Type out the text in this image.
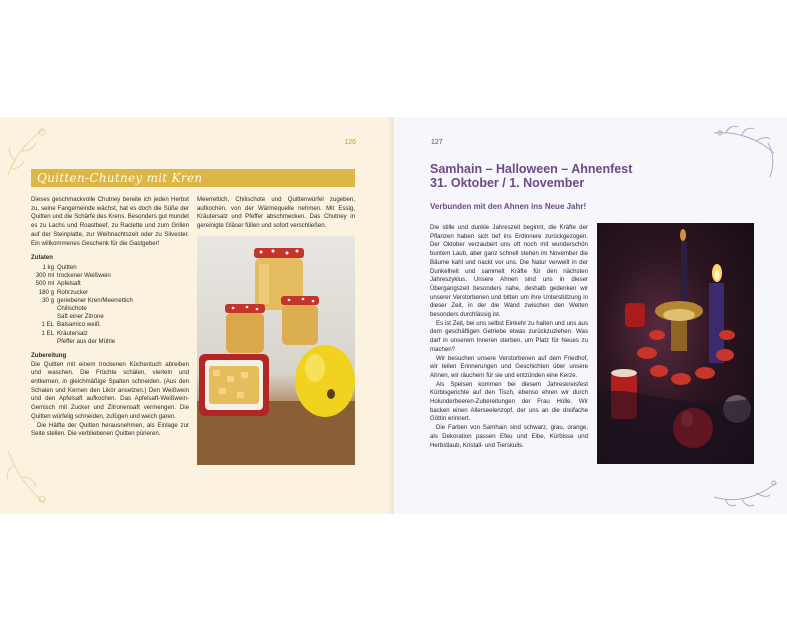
126
Quitten-Chutney mit Kren

Dieses geschmackvolle Chutney bereite ich jeden Herbst zu, seine Fangemeinde wächst, hat es doch die Süße der Quitten und die Schärfe des Krens. Besonders gut mundet es zu Lachs und Roastbeef, zu Raclette und zum Grillen auf der Steinplatte, zur Weihnachtszeit oder zu Silvester. Ein willkommenes Geschenk für die Gastgeber!

Zutaten

1 kg	Quitten
300 ml	trockener Weißwein
500 ml	Apfelsaft
180 g	Rohrzucker
30 g	geriebener Kren/Meerrettich
	Chilischote
	Saft einer Zitrone
1 EL	Balsamico weiß
1 EL	Kräutersalz
	Pfeffer aus der Mühle

Zubereitung

Die Quitten mit einem trockenen Küchentuch abreiben und waschen. Die Früchte schälen, vierteln und entkernen, in gleichmäßige Spalten schneiden. (Aus den Schalen und Kernen den Likör ansetzen.) Den Weißwein und den Apfelsaft aufkochen. Das Apfelsaft-Weißwein-Gemisch mit Zucker und Zitronensaft vermengen. Die Quitten würfelig schneiden, zufügen und weich garen.

Die Hälfte der Quitten herausnehmen, als Einlage zur Seite stellen. Die verbliebenen Quitten pürieren.

Meerrettich, Chilischote und Quittenwürfel zugeben, aufkochen, von der Wärmequelle nehmen. Mit Essig, Kräutersalz und Pfeffer abschmecken. Das Chutney in gereinigte Gläser füllen und sofort verschließen.

127
Samhain – Halloween – Ahnenfest
31. Oktober / 1. November
Verbunden mit den Ahnen ins Neue Jahr!

Die stille und dunkle Jahreszeit beginnt, die Kräfte der Pflanzen haben sich tief ins Erdinnere zurückgezogen. Der Oktober verzaubert uns oft noch mit wunderschön buntem Laub, aber ganz schnell stehen im November die Bäume kahl und nackt vor uns. Die Natur verweilt in der Dunkelheit und sammelt Kräfte für den nächsten Jahreszyklus. Unsere Ahnen sind uns in dieser Übergangszeit besonders nahe, deshalb gedenken wir unserer Verstorbenen und bitten um ihre Unterstützung in dieser Zeit, in der die Wand zwischen den Welten besonders durchlässig ist.

Es ist Zeit, bei uns selbst Einkehr zu halten und uns aus dem geschäftigen Getriebe etwas zurückzuziehen. Was darf in unserem Inneren sterben, um Platz für Neues zu machen?

Wir besuchen unsere Verstorbenen auf dem Friedhof, wir teilen Erinnerungen und Geschichten über unsere Ahnen, wir räuchern für sie und entzünden eine Kerze.

Als Speisen kommen bei diesem Jahreskreisfest Kürbisgerichte auf den Tisch, ebenso ehren wir durch Holunderbeeren-Zubereitungen der Frau Holle. Wir backen einen Allerseelenzopf, der uns an die dreifache Göttin erinnert.

Die Farben von Samhain sind schwarz, grau, orange, als Dekoration passen Efeu und Eibe, Kürbisse und Herbstlaub, Kristall- und Tierskulls.
